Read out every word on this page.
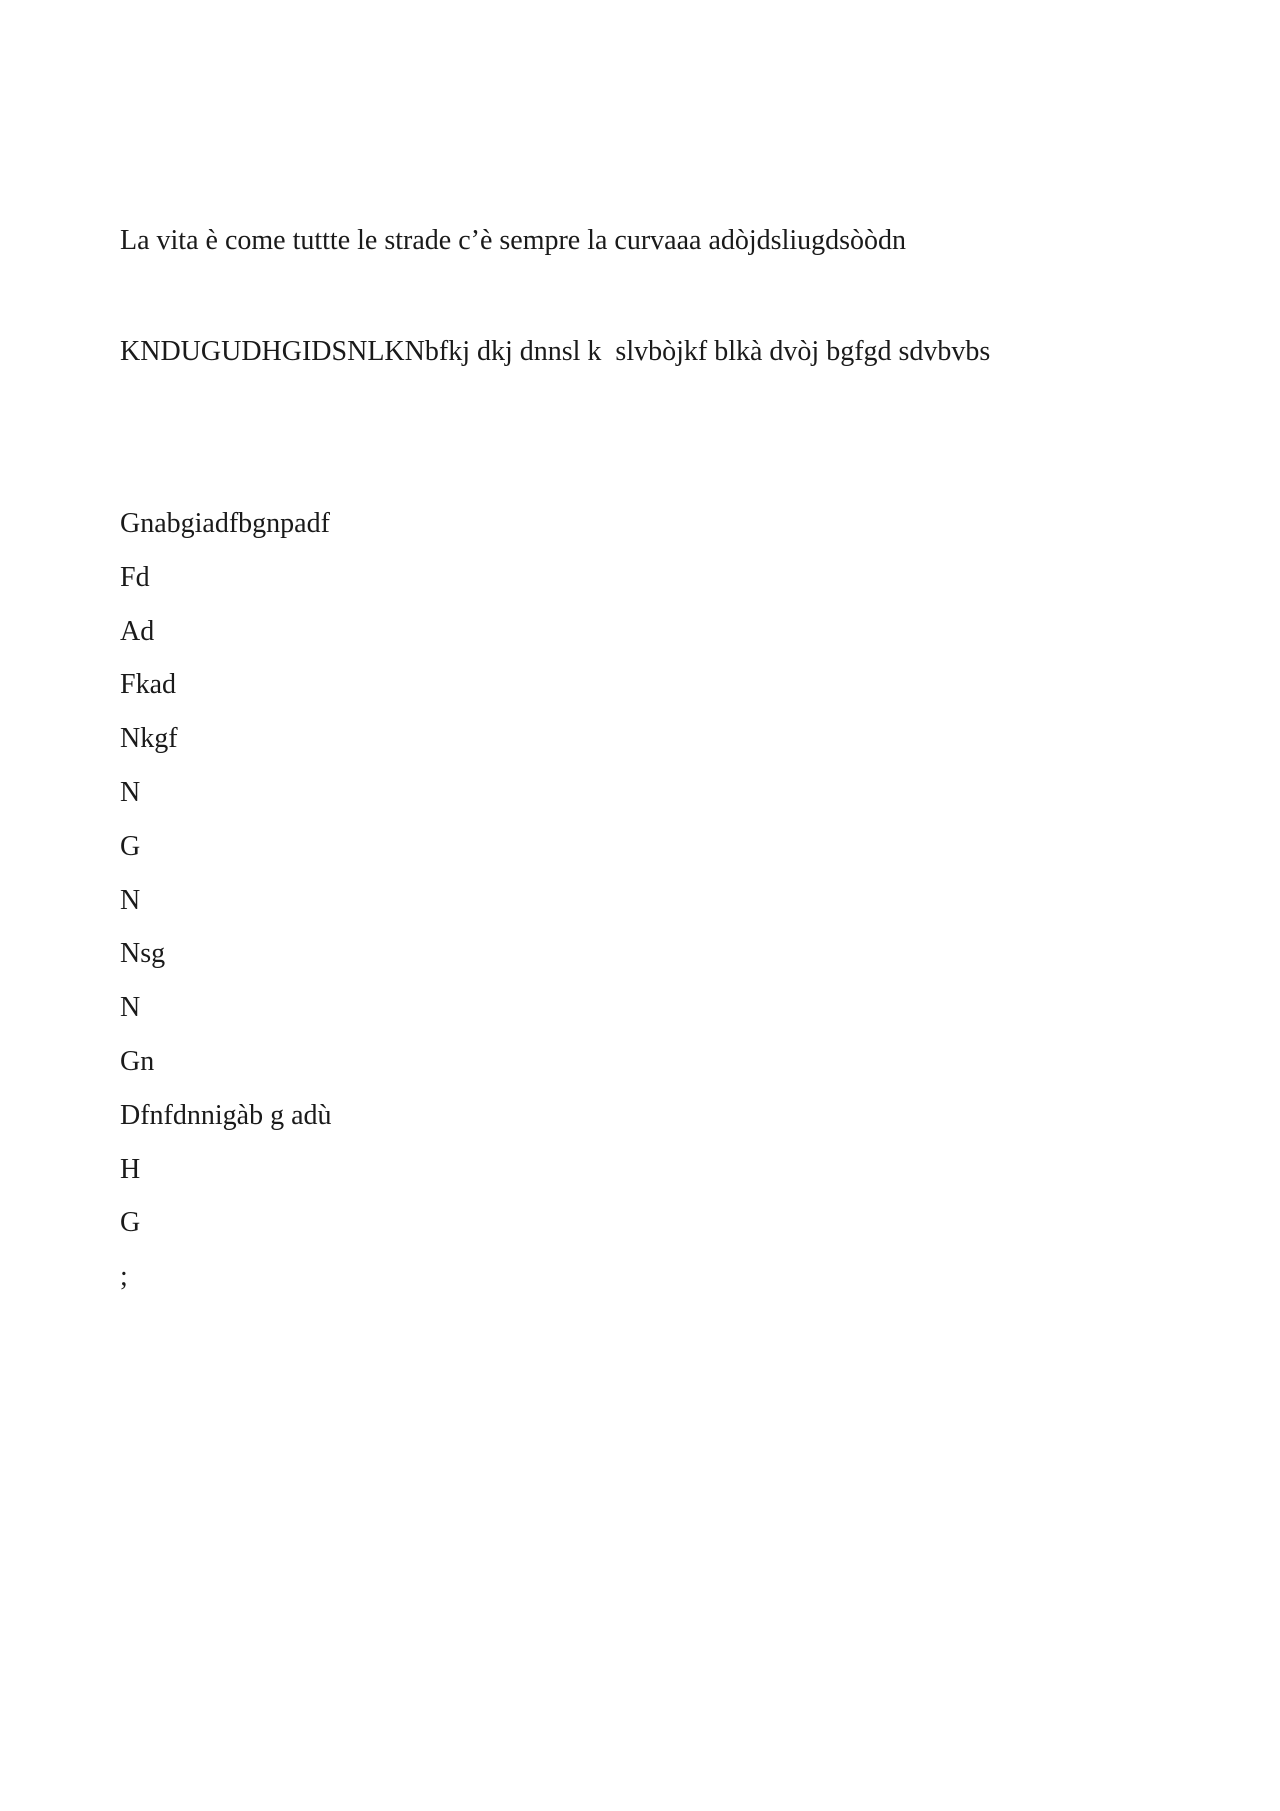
La vita è come tuttte le strade c’è sempre la curvaaa adòjdsliugdsòòdn

KNDUGUDHGIDSNLKNbfkj dkj dnnsl k  slvbòjkf blkà dvòj bgfgd sdvbvbs

Gnabgiadfbgnpadf
Fd
Ad
Fkad
Nkgf
N
G
N
Nsg
N
Gn
Dfnfdnnigàb g adù
H
G
;
